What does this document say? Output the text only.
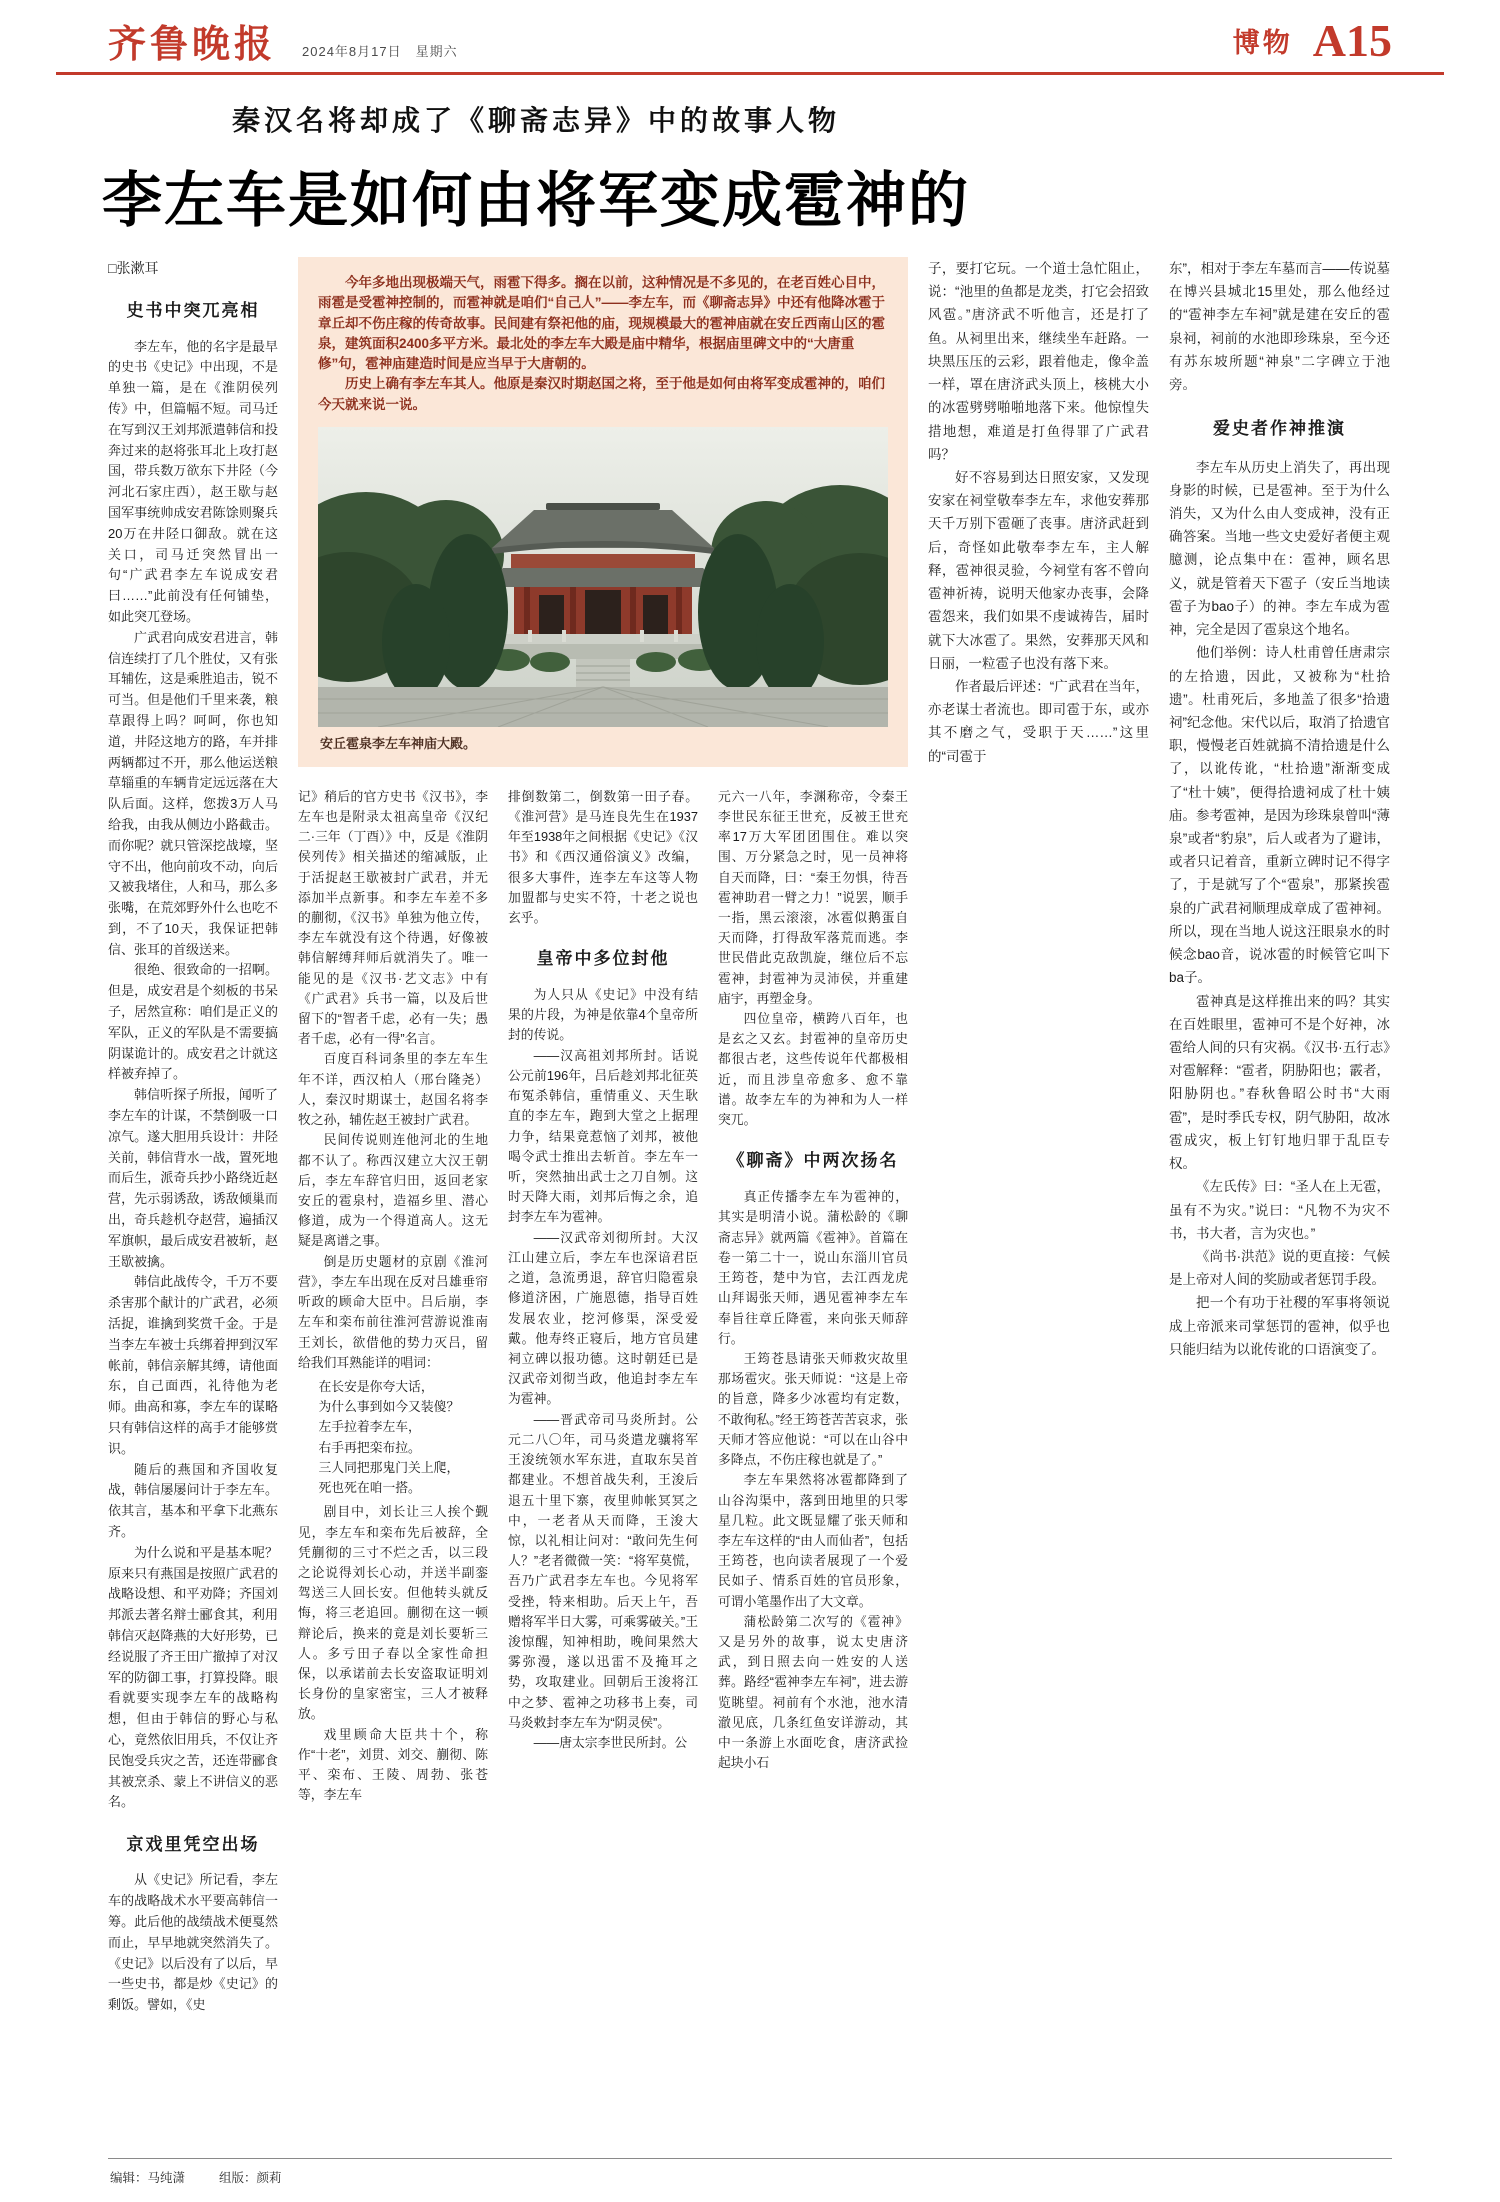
齐鲁晚报 2024年8月17日　星期六	博物 A15
秦汉名将却成了《聊斋志异》中的故事人物
李左车是如何由将军变成雹神的

□张漱耳

史书中突兀亮相

李左车，他的名字是最早的史书《史记》中出现，不是单独一篇，是在《淮阴侯列传》中，但篇幅不短。司马迁在写到汉王刘邦派遣韩信和投奔过来的赵将张耳北上攻打赵国，带兵数万欲东下井陉（今河北石家庄西），赵王歇与赵国军事统帅成安君陈馀则聚兵20万在井陉口御敌。就在这关口，司马迁突然冒出一句“广武君李左车说成安君曰……”此前没有任何铺垫，如此突兀登场。

广武君向成安君进言，韩信连续打了几个胜仗，又有张耳辅佐，这是乘胜追击，锐不可当。但是他们千里来袭，粮草跟得上吗？呵呵，你也知道，井陉这地方的路，车并排两辆都过不开，那么他运送粮草辎重的车辆肯定远远落在大队后面。这样，您拨3万人马给我，由我从侧边小路截击。而你呢？就只管深挖战壕，坚守不出，他向前攻不动，向后又被我堵住，人和马，那么多张嘴，在荒郊野外什么也吃不到，不了10天，我保证把韩信、张耳的首级送来。

很绝、很致命的一招啊。但是，成安君是个刻板的书呆子，居然宣称：咱们是正义的军队，正义的军队是不需要搞阴谋诡计的。成安君之计就这样被弃掉了。

韩信听探子所报，闻听了李左车的计谋，不禁倒吸一口凉气。遂大胆用兵设计：井陉关前，韩信背水一战，置死地而后生，派奇兵抄小路绕近赵营，先示弱诱敌，诱敌倾巢而出，奇兵趁机夺赵营，遍插汉军旗帜，最后成安君被斩，赵王歇被擒。

韩信此战传令，千万不要杀害那个献计的广武君，必须活捉，谁擒到奖赏千金。于是当李左车被士兵绑着押到汉军帐前，韩信亲解其缚，请他面东，自己面西，礼待他为老师。曲高和寡，李左车的谋略只有韩信这样的高手才能够赏识。

随后的燕国和齐国收复战，韩信屡屡问计于李左车。依其言，基本和平拿下北燕东齐。

为什么说和平是基本呢？原来只有燕国是按照广武君的战略设想、和平劝降；齐国刘邦派去著名辩士郦食其，利用韩信灭赵降燕的大好形势，已经说服了齐王田广撤掉了对汉军的防御工事，打算投降。眼看就要实现李左车的战略构想，但由于韩信的野心与私心，竟然依旧用兵，不仅让齐民饱受兵灾之苦，还连带郦食其被烹杀、蒙上不讲信义的恶名。

京戏里凭空出场

从《史记》所记看，李左车的战略战术水平要高韩信一筹。此后他的战绩战术便戛然而止，早早地就突然消失了。《史记》以后没有了以后，早一些史书，都是炒《史记》的剩饭。譬如，《史

今年多地出现极端天气，雨雹下得多。搁在以前，这种情况是不多见的，在老百姓心目中，雨雹是受雹神控制的，而雹神就是咱们“自己人”——李左车，而《聊斋志异》中还有他降冰雹于章丘却不伤庄稼的传奇故事。民间建有祭祀他的庙，现规模最大的雹神庙就在安丘西南山区的雹泉，建筑面积2400多平方米。最北处的李左车大殿是庙中精华，根据庙里碑文中的“大唐重修”句，雹神庙建造时间是应当早于大唐朝的。

历史上确有李左车其人。他原是秦汉时期赵国之将，至于他是如何由将军变成雹神的，咱们今天就来说一说。

安丘雹泉李左车神庙大殿。

记》稍后的官方史书《汉书》，李左车也是附录太祖高皇帝《汉纪二·三年（丁酉）》中，反是《淮阴侯列传》相关描述的缩减版，止于活捉赵王歇被封广武君，并无添加半点新事。和李左车差不多的蒯彻，《汉书》单独为他立传，李左车就没有这个待遇，好像被韩信解缚拜师后就消失了。唯一能见的是《汉书·艺文志》中有《广武君》兵书一篇，以及后世留下的“智者千虑，必有一失；愚者千虑，必有一得”名言。

百度百科词条里的李左车生年不详，西汉柏人（邢台隆尧）人，秦汉时期谋士，赵国名将李牧之孙，辅佐赵王被封广武君。

民间传说则连他河北的生地都不认了。称西汉建立大汉王朝后，李左车辞官归田，返回老家安丘的雹泉村，造福乡里、潜心修道，成为一个得道高人。这无疑是离谱之事。

倒是历史题材的京剧《淮河营》，李左车出现在反对吕雄垂帘听政的顾命大臣中。吕后崩，李左车和栾布前往淮河营游说淮南王刘长，欲借他的势力灭吕，留给我们耳熟能详的唱词：

在长安是你夸大话，

为什么事到如今又装傻？

左手拉着李左车，

右手再把栾布拉。

三人同把那鬼门关上爬，

死也死在咱一搭。

剧目中，刘长让三人挨个觐见，李左车和栾布先后被辞，全凭蒯彻的三寸不烂之舌，以三段之论说得刘长心动，并送半副銮驾送三人回长安。但他转头就反悔，将三老追回。蒯彻在这一顿辩论后，换来的竟是刘长要斩三人。多亏田子春以全家性命担保，以承诺前去长安盗取证明刘长身份的皇家密宝，三人才被释放。

戏里顾命大臣共十个，称作“十老”，刘贯、刘交、蒯彻、陈平、栾布、王陵、周勃、张苍等，李左车

排倒数第二，倒数第一田子春。《淮河营》是马连良先生在1937年至1938年之间根据《史记》《汉书》和《西汉通俗演义》改编，很多大事件，连李左车这等人物加盟都与史实不符，十老之说也玄乎。

皇帝中多位封他

为人只从《史记》中没有结果的片段，为神是依靠4个皇帝所封的传说。

——汉高祖刘邦所封。话说公元前196年，吕后趁刘邦北征英布冤杀韩信，重情重义、天生耿直的李左车，跑到大堂之上据理力争，结果竟惹恼了刘邦，被他喝令武士推出去斩首。李左车一听，突然抽出武士之刀自刎。这时天降大雨，刘邦后悔之余，追封李左车为雹神。

——汉武帝刘彻所封。大汉江山建立后，李左车也深谙君臣之道，急流勇退，辞官归隐雹泉修道济困，广施恩德，指导百姓发展农业，挖河修渠，深受爱戴。他寿终正寝后，地方官员建祠立碑以报功德。这时朝廷已是汉武帝刘彻当政，他追封李左车为雹神。

——晋武帝司马炎所封。公元二八〇年，司马炎遣龙骧将军王浚统领水军东进，直取东吴首都建业。不想首战失利，王浚后退五十里下寨，夜里帅帐冥冥之中，一老者从天而降，王浚大惊，以礼相让问对：“敢问先生何人？”老者微微一笑：“将军莫慌，吾乃广武君李左车也。今见将军受挫，特来相助。后天上午，吾赠将军半日大雾，可乘雾破关。”王浚惊醒，知神相助，晚间果然大雾弥漫，遂以迅雷不及掩耳之势，攻取建业。回朝后王浚将江中之梦、雹神之功移书上奏，司马炎敕封李左车为“阴灵侯”。

——唐太宗李世民所封。公

元六一八年，李渊称帝，令秦王李世民东征王世充，反被王世充率17万大军团团围住。难以突围、万分紧急之时，见一员神将自天而降，曰：“秦王勿惧，待吾雹神助君一臂之力！”说罢，顺手一指，黑云滚滚，冰雹似鹅蛋自天而降，打得敌军落荒而逃。李世民借此克敌凯旋，继位后不忘雹神，封雹神为灵沛侯，并重建庙宇，再塑金身。

四位皇帝，横跨八百年，也是玄之又玄。封雹神的皇帝历史都很古老，这些传说年代都极相近，而且涉皇帝愈多、愈不靠谱。故李左车的为神和为人一样突兀。

《聊斋》中两次扬名

真正传播李左车为雹神的，其实是明清小说。蒲松龄的《聊斋志异》就两篇《雹神》。首篇在卷一第二十一，说山东淄川官员王筠苍，楚中为官，去江西龙虎山拜谒张天师，遇见雹神李左车奉旨往章丘降雹，来向张天师辞行。

王筠苍恳请张天师救灾故里那场雹灾。张天师说：“这是上帝的旨意，降多少冰雹均有定数，不敢徇私。”经王筠苍苦苦哀求，张天师才答应他说：“可以在山谷中多降点，不伤庄稼也就是了。”

李左车果然将冰雹都降到了山谷沟渠中，落到田地里的只零星几粒。此文既显耀了张天师和李左车这样的“由人而仙者”，包括王筠苍，也向读者展现了一个爱民如子、情系百姓的官员形象，可谓小笔墨作出了大文章。

蒲松龄第二次写的《雹神》又是另外的故事，说太史唐济武，到日照去向一姓安的人送葬。路经“雹神李左车祠”，进去游览眺望。祠前有个水池，池水清澈见底，几条红鱼安详游动，其中一条游上水面吃食，唐济武捡起块小石

子，要打它玩。一个道士急忙阻止，说：“池里的鱼都是龙类，打它会招致风雹。”唐济武不听他言，还是打了鱼。从祠里出来，继续坐车赶路。一块黑压压的云彩，跟着他走，像伞盖一样，罩在唐济武头顶上，核桃大小的冰雹劈劈啪啪地落下来。他惊惶失措地想，难道是打鱼得罪了广武君吗？

好不容易到达日照安家，又发现安家在祠堂敬奉李左车，求他安葬那天千万别下雹砸了丧事。唐济武赶到后，奇怪如此敬奉李左车，主人解释，雹神很灵验，今祠堂有客不曾向雹神祈祷，说明天他家办丧事，会降雹怨来，我们如果不虔诚祷告，届时就下大冰雹了。果然，安葬那天风和日丽，一粒雹子也没有落下来。

作者最后评述：“广武君在当年，亦老谋士者流也。即司雹于东，或亦其不磨之气，受职于天……”这里的“司雹于

东”，相对于李左车墓而言——传说墓在博兴县城北15里处，那么他经过的“雹神李左车祠”就是建在安丘的雹泉祠，祠前的水池即珍珠泉，至今还有苏东坡所题“神泉”二字碑立于池旁。

爱史者作神推演

李左车从历史上消失了，再出现身影的时候，已是雹神。至于为什么消失，又为什么由人变成神，没有正确答案。当地一些文史爱好者便主观臆测，论点集中在：雹神，顾名思义，就是管着天下雹子（安丘当地读雹子为bao子）的神。李左车成为雹神，完全是因了雹泉这个地名。

他们举例：诗人杜甫曾任唐肃宗的左拾遗，因此，又被称为“杜拾遗”。杜甫死后，多地盖了很多“拾遗祠”纪念他。宋代以后，取消了拾遗官职，慢慢老百姓就搞不清拾遗是什么了，以讹传讹，“杜拾遗”渐渐变成了“杜十姨”，便得拾遗祠成了杜十姨庙。参考雹神，是因为珍珠泉曾叫“薄泉”或者“豹泉”，后人或者为了避讳，或者只记着音，重新立碑时记不得字了，于是就写了个“雹泉”，那紧挨雹泉的广武君祠顺理成章成了雹神祠。所以，现在当地人说这汪眼泉水的时候念bao音，说冰雹的时候管它叫下ba子。

雹神真是这样推出来的吗？其实在百姓眼里，雹神可不是个好神，冰雹给人间的只有灾祸。《汉书·五行志》对雹解释：“雹者，阴胁阳也；霰者，阳胁阴也。”春秋鲁昭公时书“大雨雹”，是时季氏专权，阴气胁阳，故冰雹成灾，板上钉钉地归罪于乱臣专权。

《左氏传》曰：“圣人在上无雹，虽有不为灾。”说曰：“凡物不为灾不书，书大者，言为灾也。”

《尚书·洪范》说的更直接：气候是上帝对人间的奖励或者惩罚手段。

把一个有功于社稷的军事将领说成上帝派来司掌惩罚的雹神，似乎也只能归结为以讹传讹的口语演变了。

编辑：马纯潇	组版：颜莉
